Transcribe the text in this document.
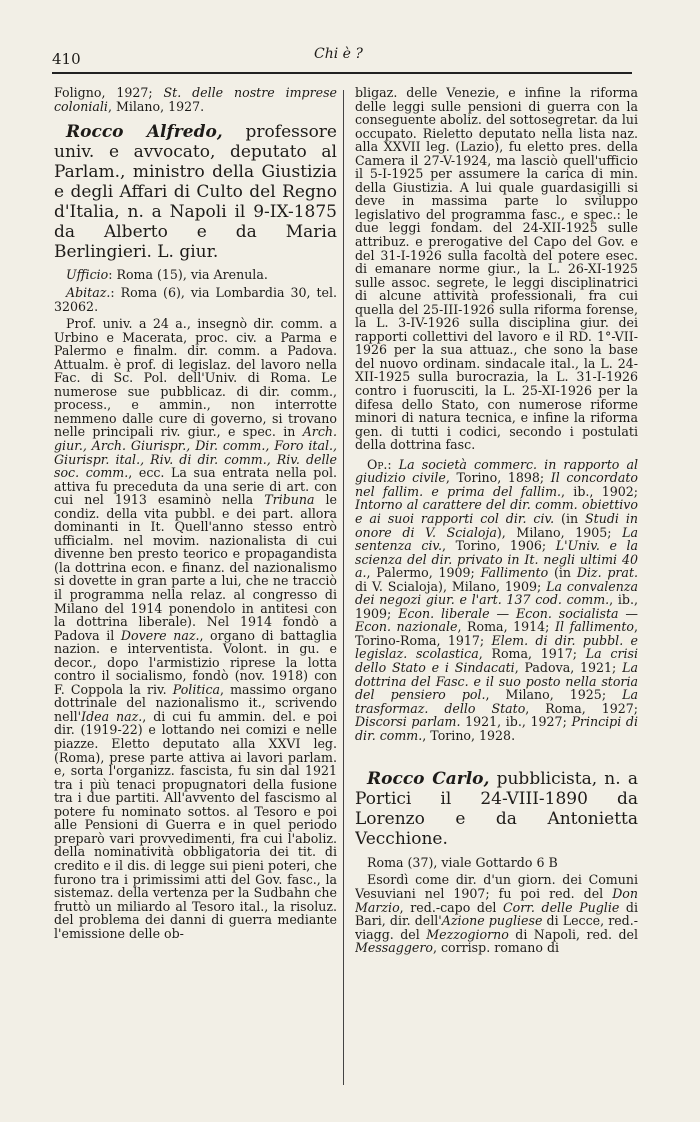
410	Chi è ?

Foligno, 1927; St. delle nostre imprese coloniali, Milano, 1927.

Rocco Alfredo, professore univ. e avvocato, deputato al Parlam., ministro della Giustizia e degli Affari di Culto del Regno d'Italia, n. a Napoli il 9-IX-1875 da Alberto e da Maria Berlingieri. L. giur.

Ufficio: Roma (15), via Arenula.

Abitaz.: Roma (6), via Lombardia 30, tel. 32062.

Prof. univ. a 24 a., insegnò dir. comm. a Urbino e Macerata, proc. civ. a Parma e Palermo e finalm. dir. comm. a Padova. Attualm. è prof. di legislaz. del lavoro nella Fac. di Sc. Pol. dell'Univ. di Roma. Le numerose sue pubblicaz. di dir. comm., process., e ammin., non interrotte nemmeno dalle cure di governo, si trovano nelle principali riv. giur., e spec. in Arch. giur., Arch. Giurispr., Dir. comm., Foro ital., Giurispr. ital., Riv. di dir. comm., Riv. delle soc. comm., ecc. La sua entrata nella pol. attiva fu preceduta da una serie di art. con cui nel 1913 esaminò nella Tribuna le condiz. della vita pubbl. e dei part. allora dominanti in It. Quell'anno stesso entrò ufficialm. nel movim. nazionalista di cui divenne ben presto teorico e propagandista (la dottrina econ. e finanz. del nazionalismo si dovette in gran parte a lui, che ne tracciò il programma nella relaz. al congresso di Milano del 1914 ponendolo in antitesi con la dottrina liberale). Nel 1914 fondò a Padova il Dovere naz., organo di battaglia nazion. e interventista. Volont. in gu. e decor., dopo l'armistizio riprese la lotta contro il socialismo, fondò (nov. 1918) con F. Coppola la riv. Politica, massimo organo dottrinale del nazionalismo it., scrivendo nell'Idea naz., di cui fu ammin. del. e poi dir. (1919-22) e lottando nei comizi e nelle piazze. Eletto deputato alla XXVI leg. (Roma), prese parte attiva ai lavori parlam. e, sorta l'organizz. fascista, fu sin dal 1921 tra i più tenaci propugnatori della fusione tra i due partiti. All'avvento del fascismo al potere fu nominato sottos. al Tesoro e poi alle Pensioni di Guerra e in quel periodo preparò vari provvedimenti, fra cui l'aboliz. della nominatività obbligatoria dei tit. di credito e il dis. di legge sui pieni poteri, che furono tra i primissimi atti del Gov. fasc., la sistemaz. della vertenza per la Sudbahn che fruttò un miliardo al Tesoro ital., la risoluz. del problema dei danni di guerra mediante l'emissione delle ob-

bligaz. delle Venezie, e infine la riforma delle leggi sulle pensioni di guerra con la conseguente aboliz. del sottosegretar. da lui occupato. Rieletto deputato nella lista naz. alla XXVII leg. (Lazio), fu eletto pres. della Camera il 27-V-1924, ma lasciò quell'ufficio il 5-I-1925 per assumere la carica di min. della Giustizia. A lui quale guardasigilli si deve in massima parte lo sviluppo legislativo del programma fasc., e spec.: le due leggi fondam. del 24-XII-1925 sulle attribuz. e prerogative del Capo del Gov. e del 31-I-1926 sulla facoltà del potere esec. di emanare norme giur., la L. 26-XI-1925 sulle assoc. segrete, le leggi disciplinatrici di alcune attività professionali, fra cui quella del 25-III-1926 sulla riforma forense, la L. 3-IV-1926 sulla disciplina giur. dei rapporti collettivi del lavoro e il RD. 1°-VII-1926 per la sua attuaz., che sono la base del nuovo ordinam. sindacale ital., la L. 24-XII-1925 sulla burocrazia, la L. 31-I-1926 contro i fuorusciti, la L. 25-XI-1926 per la difesa dello Stato, con numerose riforme minori di natura tecnica, e infine la riforma gen. di tutti i codici, secondo i postulati della dottrina fasc.

Op.: La società commerc. in rapporto al giudizio civile, Torino, 1898; Il concordato nel fallim. e prima del fallim., ib., 1902; Intorno al carattere del dir. comm. obiettivo e ai suoi rapporti col dir. civ. (in Studi in onore di V. Scialoja), Milano, 1905; La sentenza civ., Torino, 1906; L'Univ. e la scienza del dir. privato in It. negli ultimi 40 a., Palermo, 1909; Fallimento (in Diz. prat. di V. Scialoja), Milano, 1909; La convalenza dei negozi giur. e l'art. 137 cod. comm., ib., 1909; Econ. liberale — Econ. socialista — Econ. nazionale, Roma, 1914; Il fallimento, Torino-Roma, 1917; Elem. di dir. pubbl. e legislaz. scolastica, Roma, 1917; La crisi dello Stato e i Sindacati, Padova, 1921; La dottrina del Fasc. e il suo posto nella storia del pensiero pol., Milano, 1925; La trasformaz. dello Stato, Roma, 1927; Discorsi parlam. 1921, ib., 1927; Principi di dir. comm., Torino, 1928.

Rocco Carlo, pubblicista, n. a Portici il 24-VIII-1890 da Lorenzo e da Antonietta Vecchione.

Roma (37), viale Gottardo 6 B

Esordì come dir. d'un giorn. dei Comuni Vesuviani nel 1907; fu poi red. del Don Marzio, red.-capo del Corr. delle Puglie di Bari, dir. dell'Azione pugliese di Lecce, red.-viagg. del Mezzogiorno di Napoli, red. del Messaggero, corrisp. romano di
